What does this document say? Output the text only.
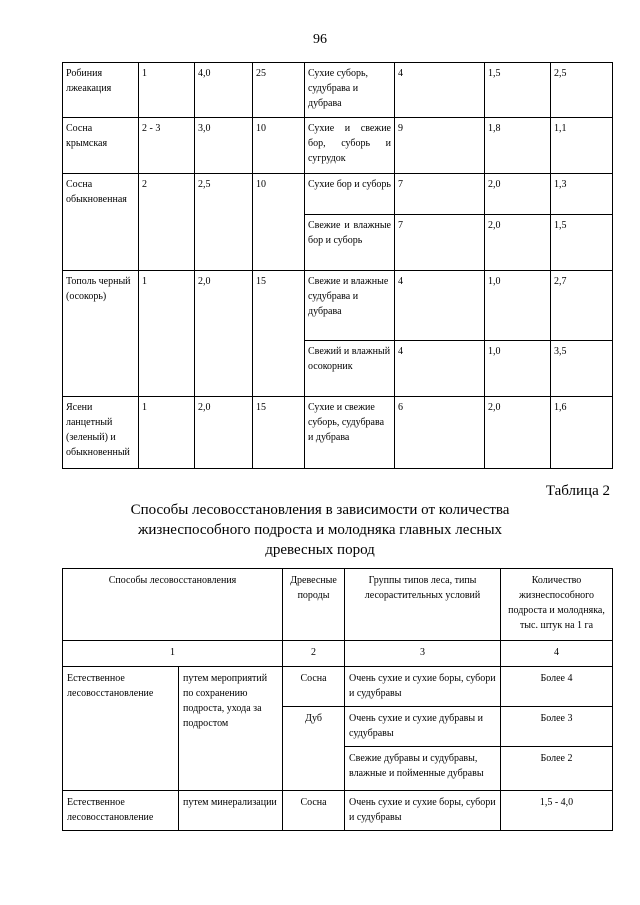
96
Робиния лжеакация	1	4,0	25	Сухие суборь, судубрава и дубрава	4	1,5	2,5
Сосна крымская	2 - 3	3,0	10	Сухие и свежие бор, суборь и сугрудок	9	1,8	1,1
Сосна обыкновенная	2	2,5	10	Сухие бор и суборь	7	2,0	1,3
				Свежие и влажные бор и суборь	7	2,0	1,5
Тополь черный (осокорь)	1	2,0	15	Свежие и влажные судубрава и дубрава	4	1,0	2,7
				Свежий и влажный осокорник	4	1,0	3,5
Ясени ланцетный (зеленый) и обыкновенный	1	2,0	15	Сухие и свежие суборь, судубрава и дубрава	6	2,0	1,6
Таблица 2
Способы лесовосстановления в зависимости от количества жизнеспособного подроста и молодняка главных лесных древесных пород
Способы лесовосстановления		Древесные породы	Группы типов леса, типы лесорастительных условий	Количество жизнеспособного подроста и молодняка, тыс. штук на 1 га
1		2	3	4
Естественное лесовосстановление	путем мероприятий по сохранению подроста, уходa за подростом	Сосна	Очень сухие и сухие боры, субори и судубравы	Более 4
		Дуб	Очень сухие и сухие дубравы и судубравы	Более 3
			Свежие дубравы и судубравы, влажные и пойменные дубравы	Более 2
Естественное лесовосстановление	путем минерализации	Сосна	Очень сухие и сухие боры, субори и судубравы	1,5 - 4,0
